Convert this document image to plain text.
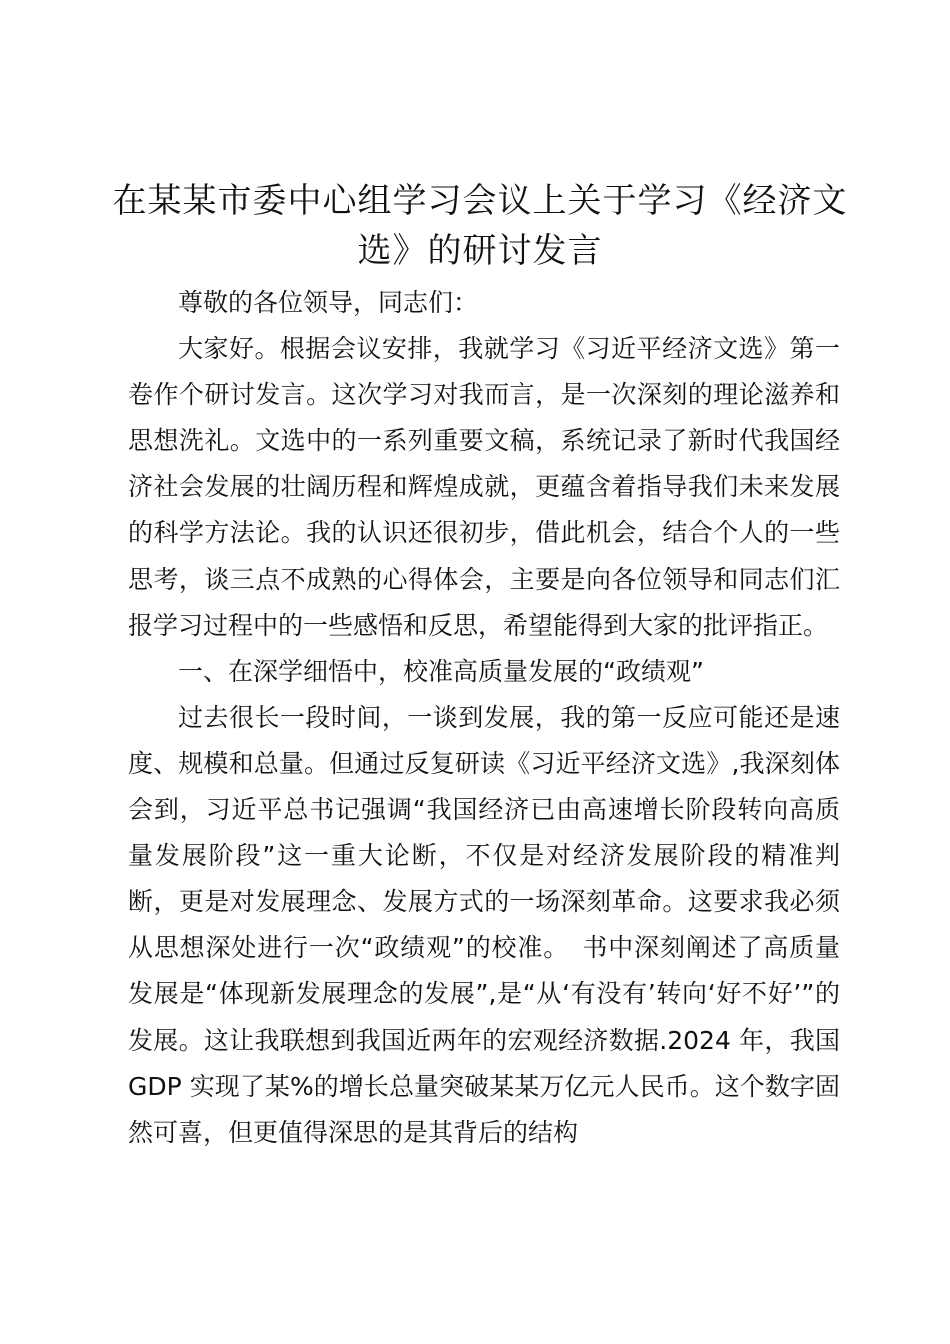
在某某市委中心组学习会议上关于学习《经济文选》的研讨发言

尊敬的各位领导，同志们：

大家好。根据会议安排，我就学习《习近平经济文选》第一卷作个研讨发言。这次学习对我而言，是一次深刻的理论滋养和思想洗礼。文选中的一系列重要文稿，系统记录了新时代我国经济社会发展的壮阔历程和辉煌成就，更蕴含着指导我们未来发展的科学方法论。我的认识还很初步，借此机会，结合个人的一些思考，谈三点不成熟的心得体会，主要是向各位领导和同志们汇报学习过程中的一些感悟和反思，希望能得到大家的批评指正。

一、在深学细悟中，校准高质量发展的“政绩观”

过去很长一段时间，一谈到发展，我的第一反应可能还是速度、规模和总量。但通过反复研读《习近平经济文选》,我深刻体会到，习近平总书记强调“我国经济已由高速增长阶段转向高质量发展阶段”这一重大论断，不仅是对经济发展阶段的精准判断，更是对发展理念、发展方式的一场深刻革命。这要求我必须从思想深处进行一次“政绩观”的校准。　书中深刻阐述了高质量发展是“体现新发展理念的发展”,是“从‘有没有’转向‘好不好’”的发展。这让我联想到我国近两年的宏观经济数据.2024 年，我国 GDP 实现了某%的增长总量突破某某万亿元人民币。这个数字固然可喜，但更值得深思的是其背后的结构
